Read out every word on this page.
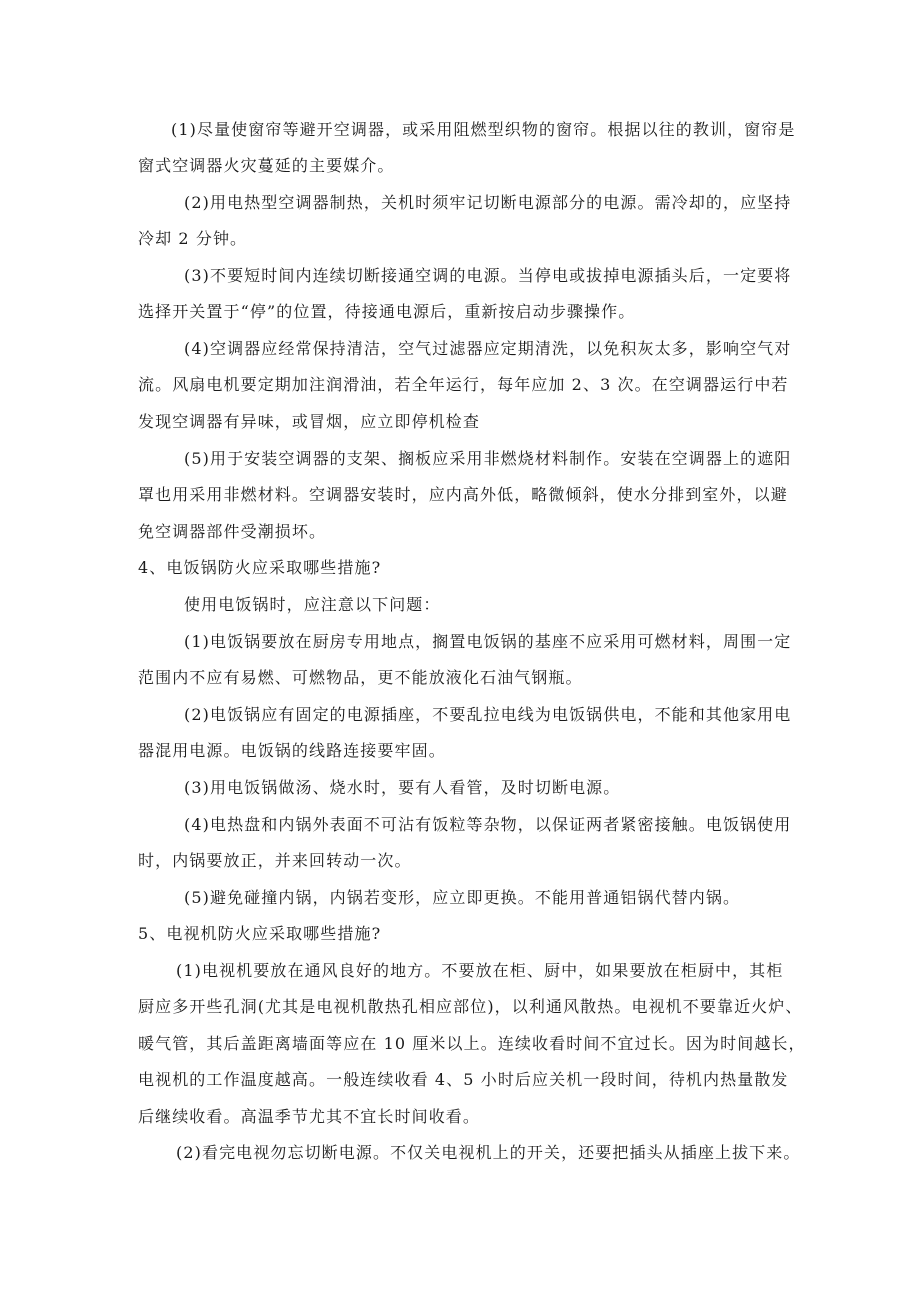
(1)尽量使窗帘等避开空调器，或采用阻燃型织物的窗帘。根据以往的教训，窗帘是
窗式空调器火灾蔓延的主要媒介。
(2)用电热型空调器制热，关机时须牢记切断电源部分的电源。需冷却的，应坚持
冷却 2 分钟。
(3)不要短时间内连续切断接通空调的电源。当停电或拔掉电源插头后，一定要将
选择开关置于“停”的位置，待接通电源后，重新按启动步骤操作。
(4)空调器应经常保持清洁，空气过滤器应定期清洗，以免积灰太多，影响空气对
流。风扇电机要定期加注润滑油，若全年运行，每年应加 2、3 次。在空调器运行中若
发现空调器有异味，或冒烟，应立即停机检查
(5)用于安装空调器的支架、搁板应采用非燃烧材料制作。安装在空调器上的遮阳
罩也用采用非燃材料。空调器安装时，应内高外低，略微倾斜，使水分排到室外，以避
免空调器部件受潮损坏。
4、电饭锅防火应采取哪些措施?
使用电饭锅时，应注意以下问题：
(1)电饭锅要放在厨房专用地点，搁置电饭锅的基座不应采用可燃材料，周围一定
范围内不应有易燃、可燃物品，更不能放液化石油气钢瓶。
(2)电饭锅应有固定的电源插座，不要乱拉电线为电饭锅供电，不能和其他家用电
器混用电源。电饭锅的线路连接要牢固。
(3)用电饭锅做汤、烧水时，要有人看管，及时切断电源。
(4)电热盘和内锅外表面不可沾有饭粒等杂物，以保证两者紧密接触。电饭锅使用
时，内锅要放正，并来回转动一次。
(5)避免碰撞内锅，内锅若变形，应立即更换。不能用普通铝锅代替内锅。
5、电视机防火应采取哪些措施?
(1)电视机要放在通风良好的地方。不要放在柜、厨中，如果要放在柜厨中，其柜
厨应多开些孔洞(尤其是电视机散热孔相应部位)，以利通风散热。电视机不要靠近火炉、
暖气管，其后盖距离墙面等应在 10 厘米以上。连续收看时间不宜过长。因为时间越长，
电视机的工作温度越高。一般连续收看 4、5 小时后应关机一段时间，待机内热量散发
后继续收看。高温季节尤其不宜长时间收看。
(2)看完电视勿忘切断电源。不仅关电视机上的开关，还要把插头从插座上拔下来。
